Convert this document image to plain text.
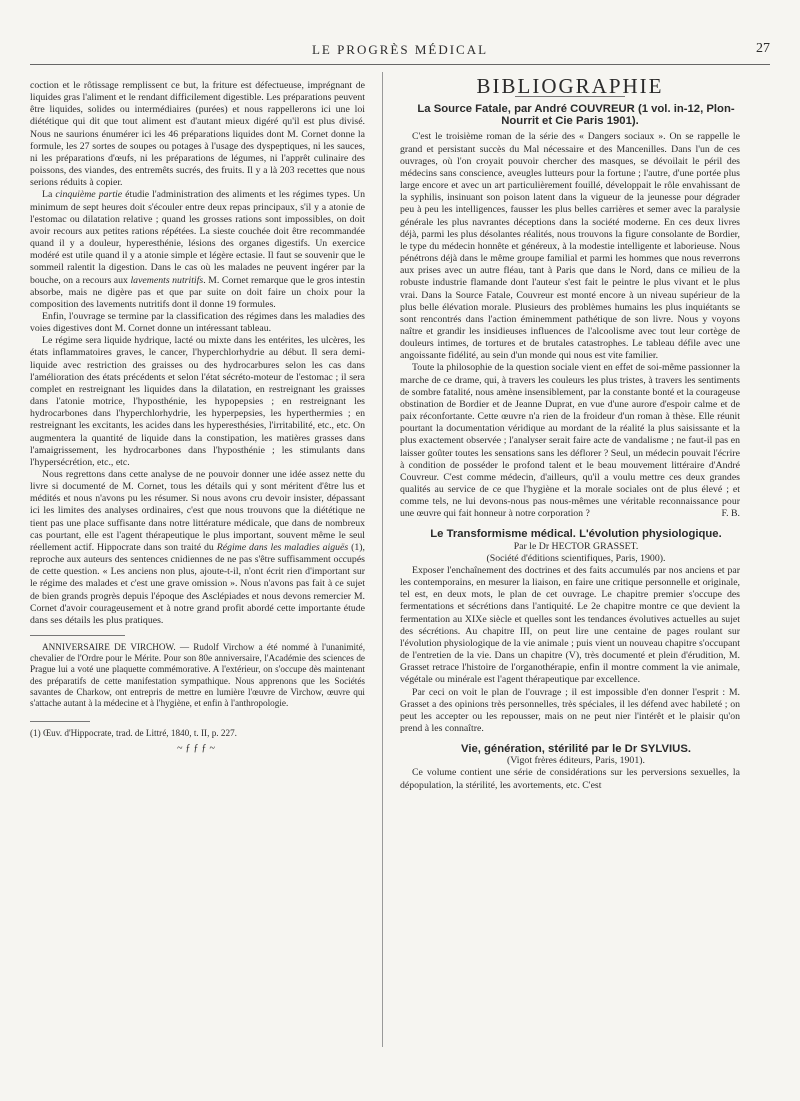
LE PROGRÈS MÉDICAL	27

coction et le rôtissage remplissent ce but, la friture est défectueuse, imprégnant de liquides gras l'aliment et le rendant difficilement digestible. Les préparations peuvent être liquides, solides ou intermédiaires (purées) et nous rappellerons ici une loi diététique qui dit que tout aliment est d'autant mieux digéré qu'il est plus divisé. Nous ne saurions énumérer ici les 46 préparations liquides dont M. Cornet donne la formule, les 27 sortes de soupes ou potages à l'usage des dyspeptiques, ni les sauces, ni les préparations d'œufs, ni les préparations de légumes, ni l'apprêt culinaire des poissons, des viandes, des entremêts sucrés, des fruits. Il y a là 203 recettes que nous serions réduits à copier.

La cinquième partie étudie l'administration des aliments et les régimes types. Un minimum de sept heures doit s'écouler entre deux repas principaux, s'il y a atonie de l'estomac ou dilatation relative ; quand les grosses rations sont impossibles, on doit avoir recours aux petites rations répétées. La sieste couchée doit être recommandée quand il y a douleur, hyperesthénie, lésions des organes digestifs. Un exercice modéré est utile quand il y a atonie simple et légère ectasie. Il faut se souvenir que le sommeil ralentit la digestion. Dans le cas où les malades ne peuvent ingérer par la bouche, on a recours aux lavements nutritifs. M. Cornet remarque que le gros intestin absorbe, mais ne digère pas et que par suite on doit faire un choix pour la composition des lavements nutritifs dont il donne 19 formules.

Enfin, l'ouvrage se termine par la classification des régimes dans les maladies des voies digestives dont M. Cornet donne un intéressant tableau.

Le régime sera liquide hydrique, lacté ou mixte dans les entérites, les ulcères, les états inflammatoires graves, le cancer, l'hyperchlorhydrie au début. Il sera demi-liquide avec restriction des graisses ou des hydrocarbures selon les cas dans l'amélioration des états précédents et selon l'état sécréto-moteur de l'estomac ; il sera complet en restreignant les liquides dans la dilatation, en restreignant les graisses dans l'atonie motrice, l'hyposthénie, les hypopepsies ; en restreignant les hydrocarbones dans l'hyperchlorhydrie, les hyperpepsies, les hyperthermies ; en restreignant les excitants, les acides dans les hyperesthésies, l'irritabilité, etc., etc. On augmentera la quantité de liquide dans la constipation, les matières grasses dans l'amaigrissement, les hydrocarbones dans l'hyposthénie ; les stimulants dans l'hypersécrétion, etc., etc.

Nous regrettons dans cette analyse de ne pouvoir donner une idée assez nette du livre si documenté de M. Cornet, tous les détails qui y sont méritent d'être lus et médités et nous n'avons pu les résumer. Si nous avons cru devoir insister, dépassant ici les limites des analyses ordinaires, c'est que nous trouvons que la diététique ne tient pas une place suffisante dans notre littérature médicale, que dans de nombreux cas pourtant, elle est l'agent thérapeutique le plus important, souvent même le seul réellement actif. Hippocrate dans son traité du Régime dans les maladies aiguës (1), reproche aux auteurs des sentences cnidiennes de ne pas s'être suffisamment occupés de cette question. « Les anciens non plus, ajoute-t-il, n'ont écrit rien d'important sur le régime des malades et c'est une grave omission ». Nous n'avons pas fait à ce sujet de bien grands progrès depuis l'époque des Asclépiades et nous devons remercier M. Cornet d'avoir courageusement et à notre grand profit abordé cette importante étude dans ses détails les plus pratiques.

ANNIVERSAIRE DE VIRCHOW. — Rudolf Virchow a été nommé à l'unanimité, chevalier de l'Ordre pour le Mérite. Pour son 80e anniversaire, l'Académie des sciences de Prague lui a voté une plaquette commémorative. A l'extérieur, on s'occupe dès maintenant des préparatifs de cette manifestation sympathique. Nous apprenons que les Sociétés savantes de Charkow, ont entrepris de mettre en lumière l'œuvre de Virchow, œuvre qui s'attache autant à la médecine et à l'hygiène, et enfin à l'anthropologie.

(1) Œuv. d'Hippocrate, trad. de Littré, 1840, t. II, p. 227.

~ƒƒƒ~
BIBLIOGRAPHIE

La Source Fatale, par André COUVREUR (1 vol. in-12, Plon-Nourrit et Cie Paris 1901).

C'est le troisième roman de la série des « Dangers sociaux ». On se rappelle le grand et persistant succès du Mal nécessaire et des Mancenilles. Dans l'un de ces ouvrages, où l'on croyait pouvoir chercher des masques, se dévoilait le péril des médecins sans conscience, aveugles lutteurs pour la fortune ; l'autre, d'une portée plus large encore et avec un art particulièrement fouillé, développait le rôle envahissant de la syphilis, insinuant son poison latent dans la vigueur de la jeunesse pour dégrader peu à peu les intelligences, fausser les plus belles carrières et semer avec la paralysie générale les plus navrantes déceptions dans la société moderne. En ces deux livres déjà, parmi les plus désolantes réalités, nous trouvons la figure consolante de Bordier, le type du médecin honnête et généreux, à la modestie intelligente et laborieuse. Nous pénétrons déjà dans le même groupe familial et parmi les hommes que nous reverrons aux prises avec un autre fléau, tant à Paris que dans le Nord, dans ce milieu de la robuste industrie flamande dont l'auteur s'est fait le peintre le plus vivant et le plus vrai. Dans la Source Fatale, Couvreur est monté encore à un niveau supérieur de la plus belle élévation morale. Plusieurs des problèmes humains les plus inquiétants se sont rencontrés dans l'action éminemment pathétique de son livre. Nous y voyons naître et grandir les insidieuses influences de l'alcoolisme avec tout leur cortège de douleurs intimes, de tortures et de brutales catastrophes. Le tableau défile avec une angoissante fidélité, au sein d'un monde qui nous est vite familier.

Toute la philosophie de la question sociale vient en effet de soi-même passionner la marche de ce drame, qui, à travers les couleurs les plus tristes, à travers les sentiments de sombre fatalité, nous amène insensiblement, par la constante bonté et la courageuse obstination de Bordier et de Jeanne Duprat, en vue d'une aurore d'espoir calme et de paix réconfortante. Cette œuvre n'a rien de la froideur d'un roman à thèse. Elle réunit pourtant la documentation véridique au mordant de la réalité la plus saisissante et la plus exactement observée ; l'analyser serait faire acte de vandalisme ; ne faut-il pas en laisser goûter toutes les sensations sans les déflorer ? Seul, un médecin pouvait l'écrire à condition de posséder le profond talent et le beau mouvement littéraire d'André Couvreur. C'est comme médecin, d'ailleurs, qu'il a voulu mettre ces deux grandes qualités au service de ce que l'hygiène et la morale sociales ont de plus élevé ; et comme tels, ne lui devons-nous pas nous-mêmes une véritable reconnaissance pour une œuvre qui fait honneur à notre corporation ?	F. B.

Le Transformisme médical. L'évolution physiologique.

Par le Dr HECTOR GRASSET.

(Société d'éditions scientifiques, Paris, 1900).

Exposer l'enchaînement des doctrines et des faits accumulés par nos anciens et par les contemporains, en mesurer la liaison, en faire une critique personnelle et originale, tel est, en deux mots, le plan de cet ouvrage. Le chapitre premier s'occupe des fermentations et sécrétions dans l'antiquité. Le 2e chapitre montre ce que devient la fermentation au XIXe siècle et quelles sont les tendances évolutives actuelles au sujet des sécrétions. Au chapitre III, on peut lire une centaine de pages roulant sur l'évolution physiologique de la vie animale ; puis vient un nouveau chapitre s'occupant de l'entretien de la vie. Dans un chapitre (V), très documenté et plein d'érudition, M. Grasset retrace l'histoire de l'organothérapie, enfin il montre comment la vie animale, végétale ou minérale est l'agent thérapeutique par excellence.

Par ceci on voit le plan de l'ouvrage ; il est impossible d'en donner l'esprit : M. Grasset a des opinions très personnelles, très spéciales, il les défend avec habileté ; on peut les accepter ou les repousser, mais on ne peut nier l'intérêt et le plaisir qu'on prend à les connaître.

Vie, génération, stérilité par le Dr SYLVIUS.

(Vigot frères éditeurs, Paris, 1901).

Ce volume contient une série de considérations sur les perversions sexuelles, la dépopulation, la stérilité, les avortements, etc. C'est
